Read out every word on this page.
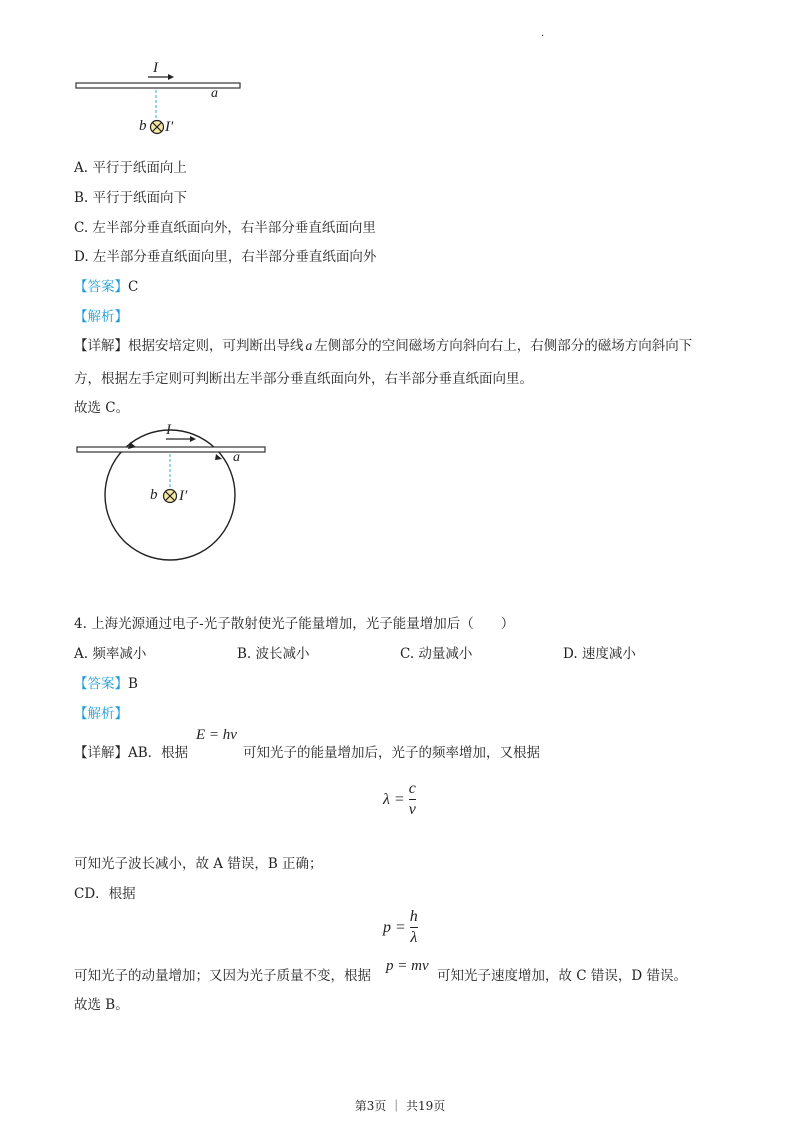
.
I
a
b I′
A. 平行于纸面向上
B. 平行于纸面向下
C. 左半部分垂直纸面向外，右半部分垂直纸面向里
D. 左半部分垂直纸面向里，右半部分垂直纸面向外
【答案】C
【解析】
【详解】根据安培定则，可判断出导线 a 左侧部分的空间磁场方向斜向右上，右侧部分的磁场方向斜向下
方，根据左手定则可判断出左半部分垂直纸面向外，右半部分垂直纸面向里。
故选 C。
I
a
b I′
4. 上海光源通过电子-光子散射使光子能量增加，光子能量增加后（　　）
A. 频率减小	B. 波长减小	C. 动量减小	D. 速度减小
【答案】B
【解析】
【详解】AB．根据
E = hν
可知光子的能量增加后，光子的频率增加，又根据
λ =
c
ν
可知光子波长减小，故 A 错误，B 正确；
CD．根据
p =
h
λ
可知光子的动量增加；又因为光子质量不变，根据
p = mv
可知光子速度增加，故 C 错误，D 错误。
故选 B。
第3页 ｜ 共19页
